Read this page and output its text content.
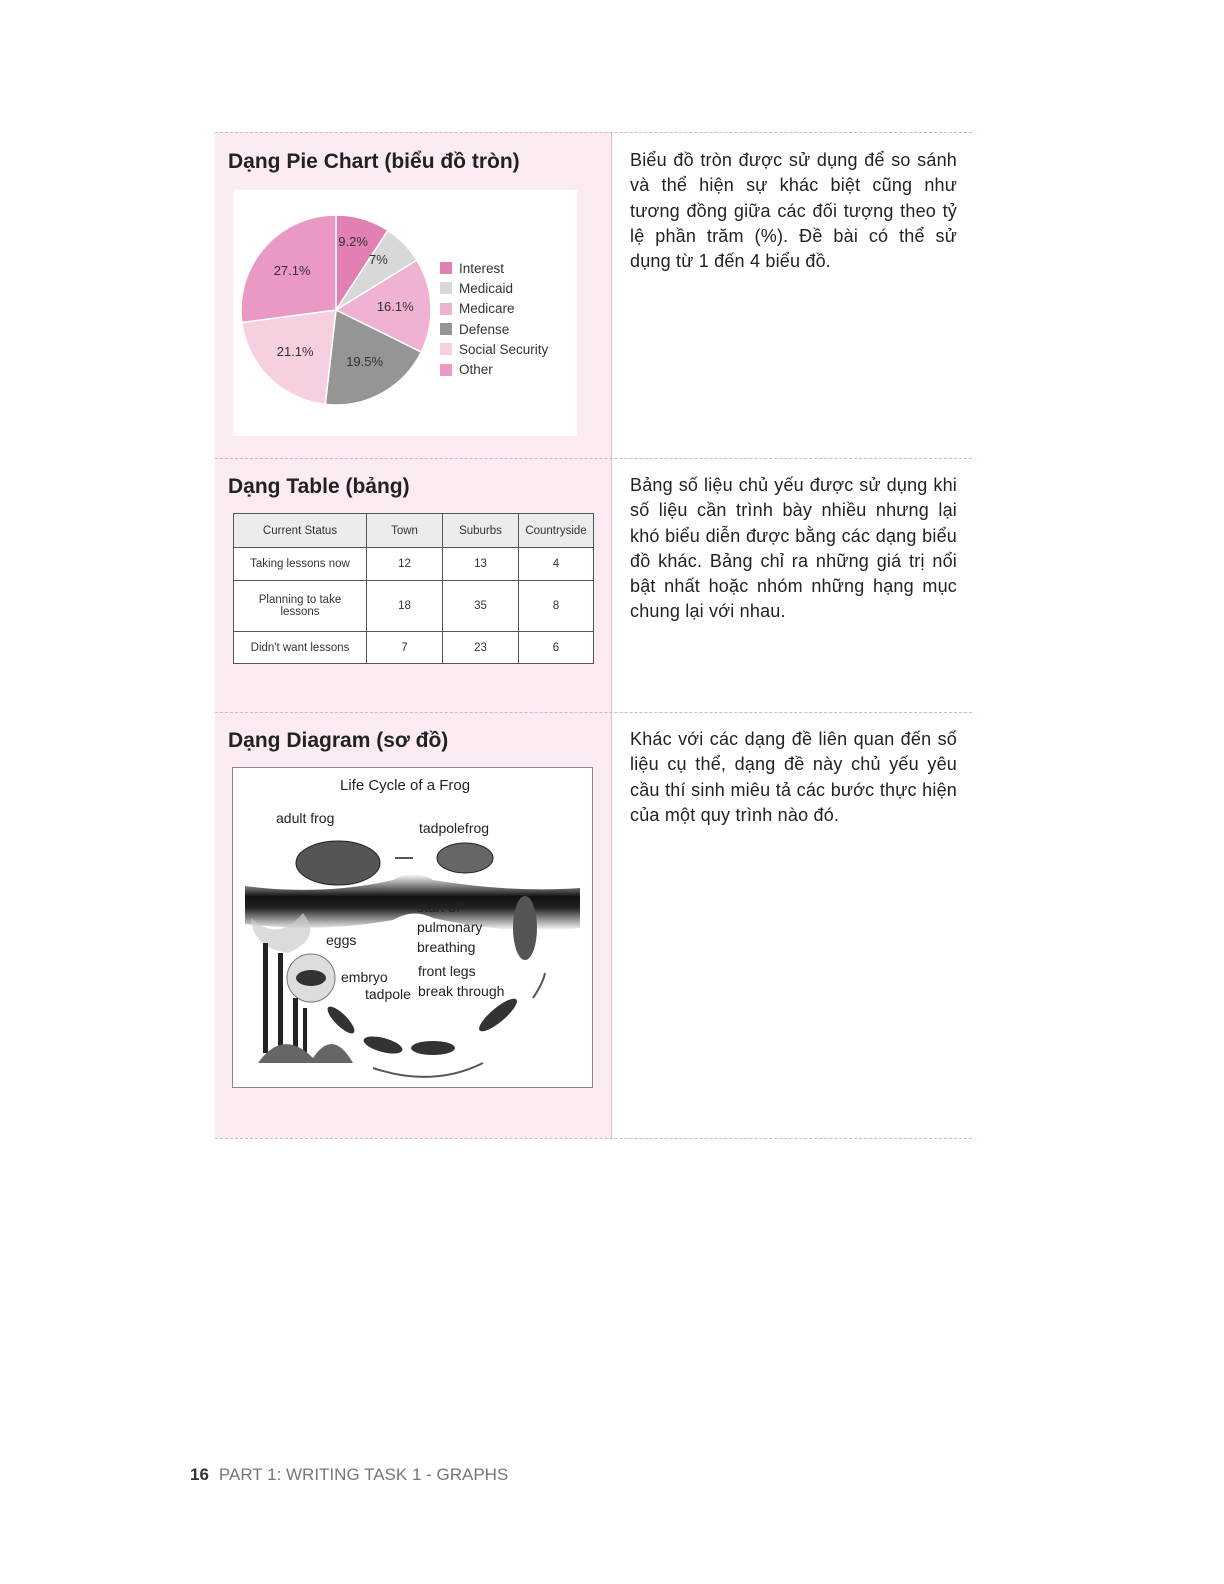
Dạng Pie Chart (biểu đồ tròn)	Biểu đồ tròn được sử dụng để so sánh và thể hiện sự khác biệt cũng như tương đồng giữa các đối tượng theo tỷ lệ phần trăm (%). Đề bài có thể sử dụng từ 1 đến 4 biểu đồ.
9.2%
7%
16.1%
19.5%
21.1%
27.1%	Interest
Medicaid
Medicare
Defense
Social Security
Other
Dạng Table (bảng)	Bảng số liệu chủ yếu được sử dụng khi số liệu cần trình bày nhiều nhưng lại khó biểu diễn được bằng các dạng biểu đồ khác. Bảng chỉ ra những giá trị nổi bật nhất hoặc nhóm những hạng mục chung lại với nhau.
Current Status	Town	Suburbs	Countryside
Taking lessons now	12	13	4
Planning to take lessons	18	35	8
Didn't want lessons	7	23	6
Dạng Diagram (sơ đồ)	Khác với các dạng đề liên quan đến số liệu cụ thể, dạng đề này chủ yếu yêu cầu thí sinh miêu tả các bước thực hiện của một quy trình nào đó.
Life Cycle of a Frog
adult frog
tadpolefrog
start of
pulmonary
breathing
eggs
embryo
tadpole
front legs
break through
16 PART 1: WRITING TASK 1 - GRAPHS
